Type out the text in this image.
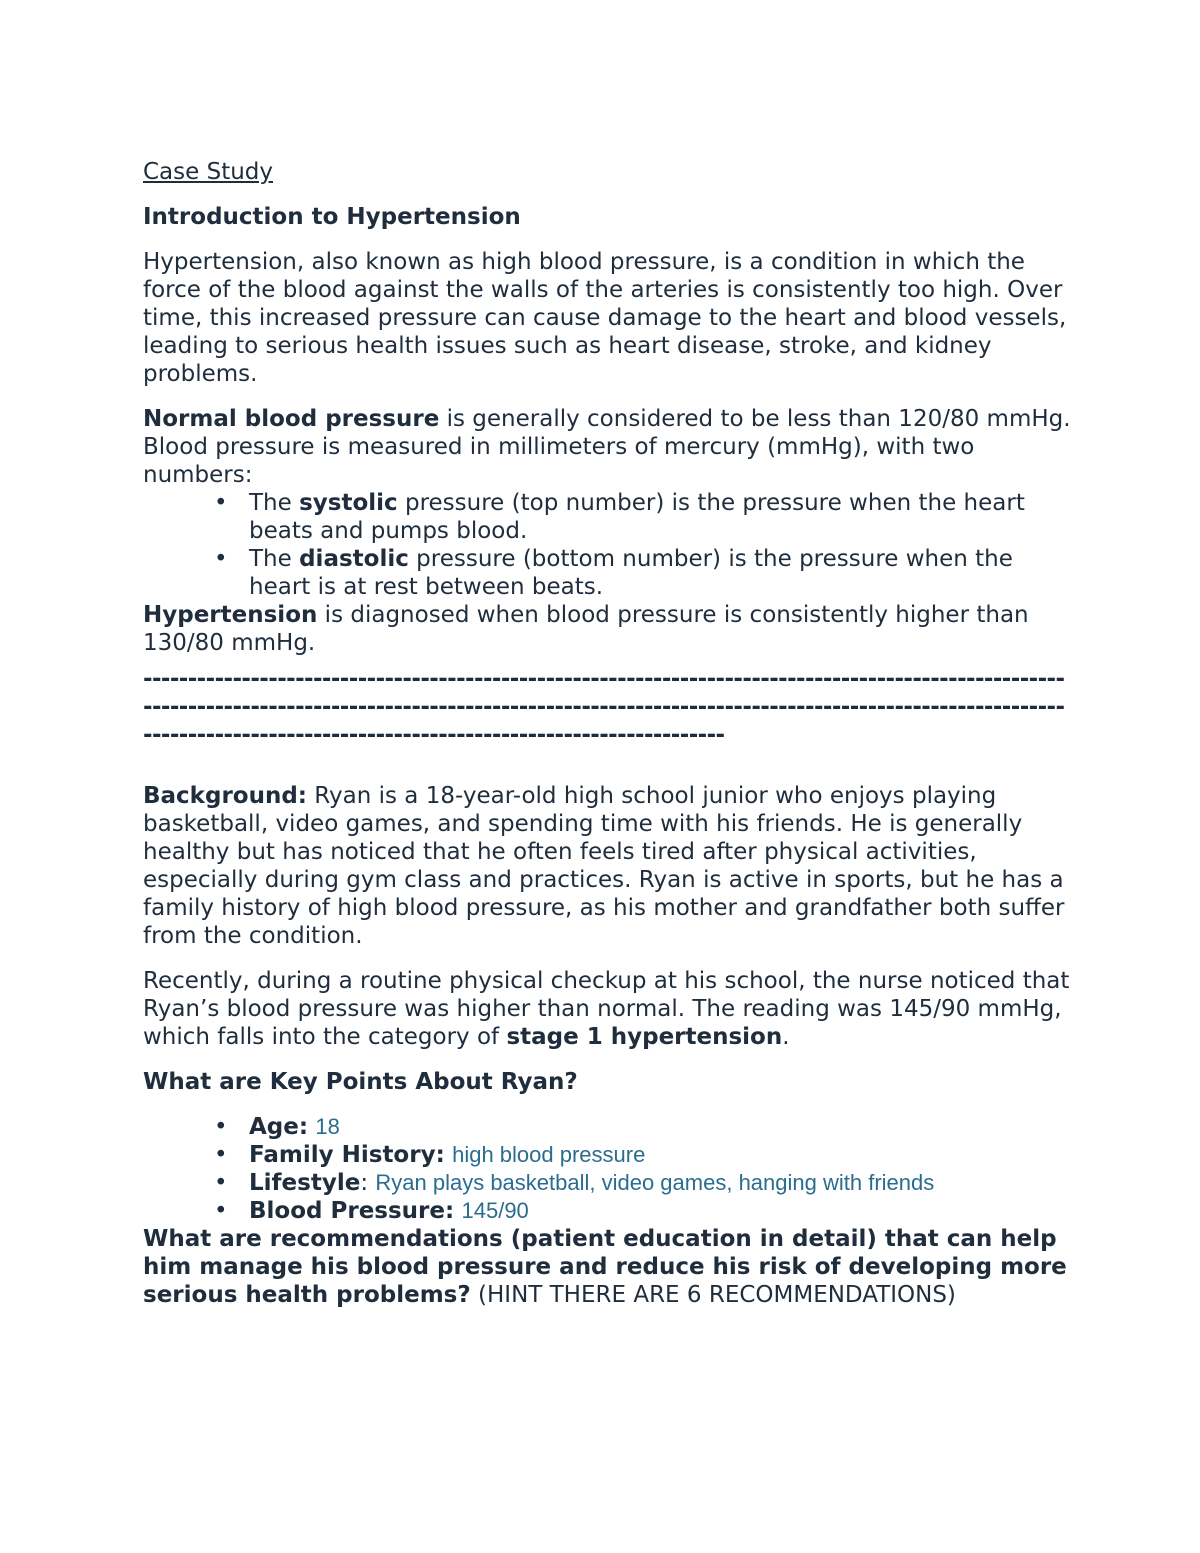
Case Study

Introduction to Hypertension

Hypertension, also known as high blood pressure, is a condition in which the force of the blood against the walls of the arteries is consistently too high. Over time, this increased pressure can cause damage to the heart and blood vessels, leading to serious health issues such as heart disease, stroke, and kidney problems.

Normal blood pressure is generally considered to be less than 120/80 mmHg. Blood pressure is measured in millimeters of mercury (mmHg), with two numbers:

• The systolic pressure (top number) is the pressure when the heart beats and pumps blood.
• The diastolic pressure (bottom number) is the pressure when the heart is at rest between beats.

Hypertension is diagnosed when blood pressure is consistently higher than 130/80 mmHg.

-------------------------------------------------------------------------------------------------------------------------------------------------------------------------------------------------------------------------------------------------------------------------------

Background: Ryan is a 18-year-old high school junior who enjoys playing basketball, video games, and spending time with his friends. He is generally healthy but has noticed that he often feels tired after physical activities, especially during gym class and practices. Ryan is active in sports, but he has a family history of high blood pressure, as his mother and grandfather both suffer from the condition.

Recently, during a routine physical checkup at his school, the nurse noticed that Ryan’s blood pressure was higher than normal. The reading was 145/90 mmHg, which falls into the category of stage 1 hypertension.

What are Key Points About Ryan?

• Age: 18
• Family History: high blood pressure
• Lifestyle: Ryan plays basketball, video games, hanging with friends
• Blood Pressure: 145/90

What are recommendations (patient education in detail) that can help him manage his blood pressure and reduce his risk of developing more serious health problems? (HINT THERE ARE 6 RECOMMENDATIONS)
